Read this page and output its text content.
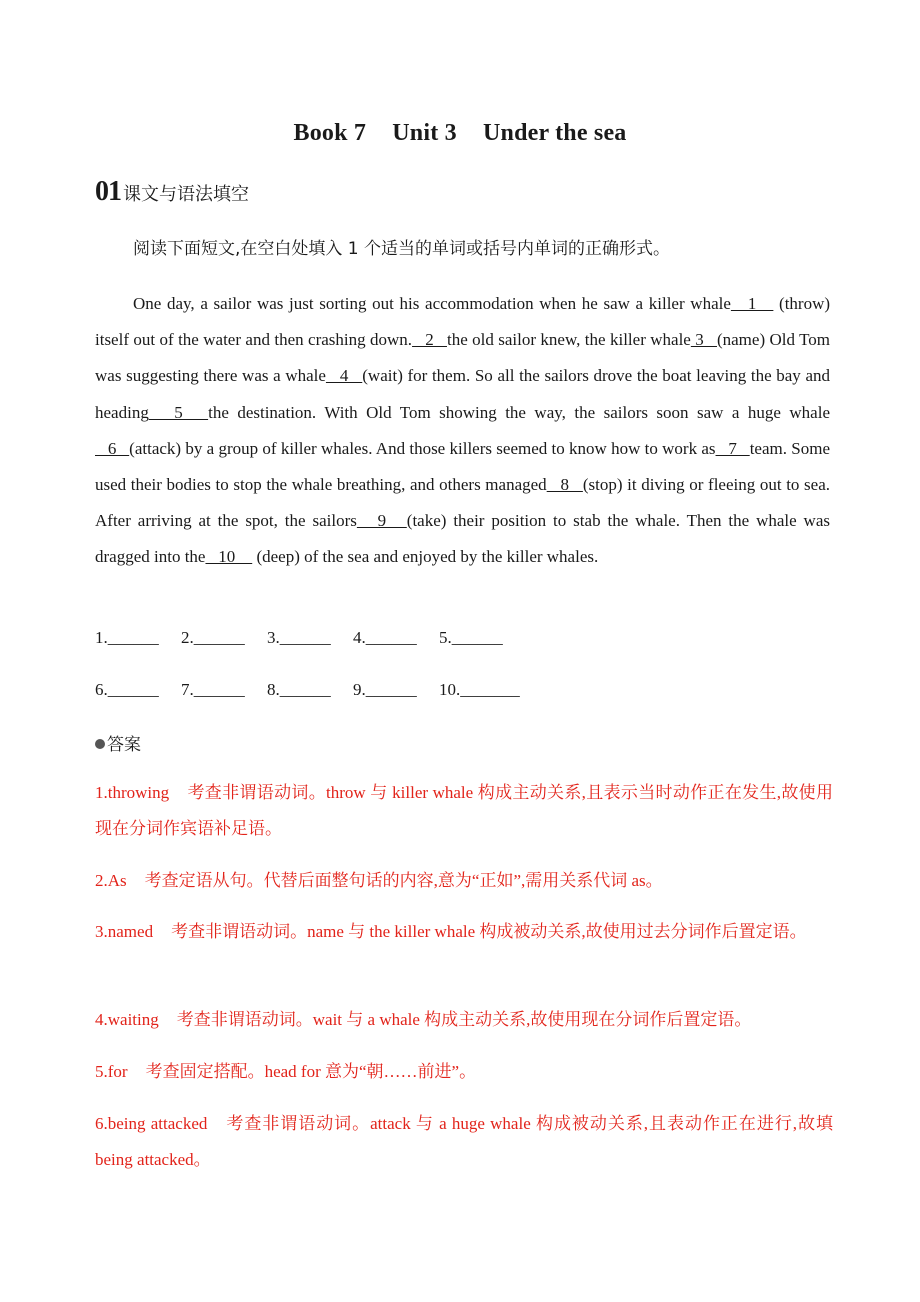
Book 7 Unit 3 Under the sea
01 课文与语法填空
阅读下面短文,在空白处填入 1 个适当的单词或括号内单词的正确形式。
One day, a sailor was just sorting out his accommodation when he saw a killer whale   1    (throw) itself out of the water and then crashing down.   2   the old sailor knew, the killer whale 3   (name) Old Tom was suggesting there was a whale   4   (wait) for them. So all the sailors drove the boat leaving the bay and heading   5   the destination. With Old Tom showing the way, the sailors soon saw a huge whale   6   (attack) by a group of killer whales. And those killers seemed to know how to work as   7   team. Some used their bodies to stop the whale breathing, and others managed   8   (stop) it diving or fleeing out to sea. After arriving at the spot, the sailors   9   (take) their position to stab the whale. Then the whale was dragged into the   10     (deep) of the sea and enjoyed by the killer whales.
1.______ 2.______ 3.______ 4.______ 5.______
6.______ 7.______ 8.______ 9.______ 10._______
答案
1.throwing 考查非谓语动词。throw 与 killer whale 构成主动关系,且表示当时动作正在发生,故使用现在分词作宾语补足语。
2.As 考查定语从句。代替后面整句话的内容,意为“正如”,需用关系代词 as。
3.named 考查非谓语动词。name 与 the killer whale 构成被动关系,故使用过去分词作后置定语。
4.waiting 考查非谓语动词。wait 与 a whale 构成主动关系,故使用现在分词作后置定语。
5.for 考查固定搭配。head for 意为“朝……前进”。
6.being attacked 考查非谓语动词。attack 与 a huge whale 构成被动关系,且表动作正在进行,故填 being attacked。
